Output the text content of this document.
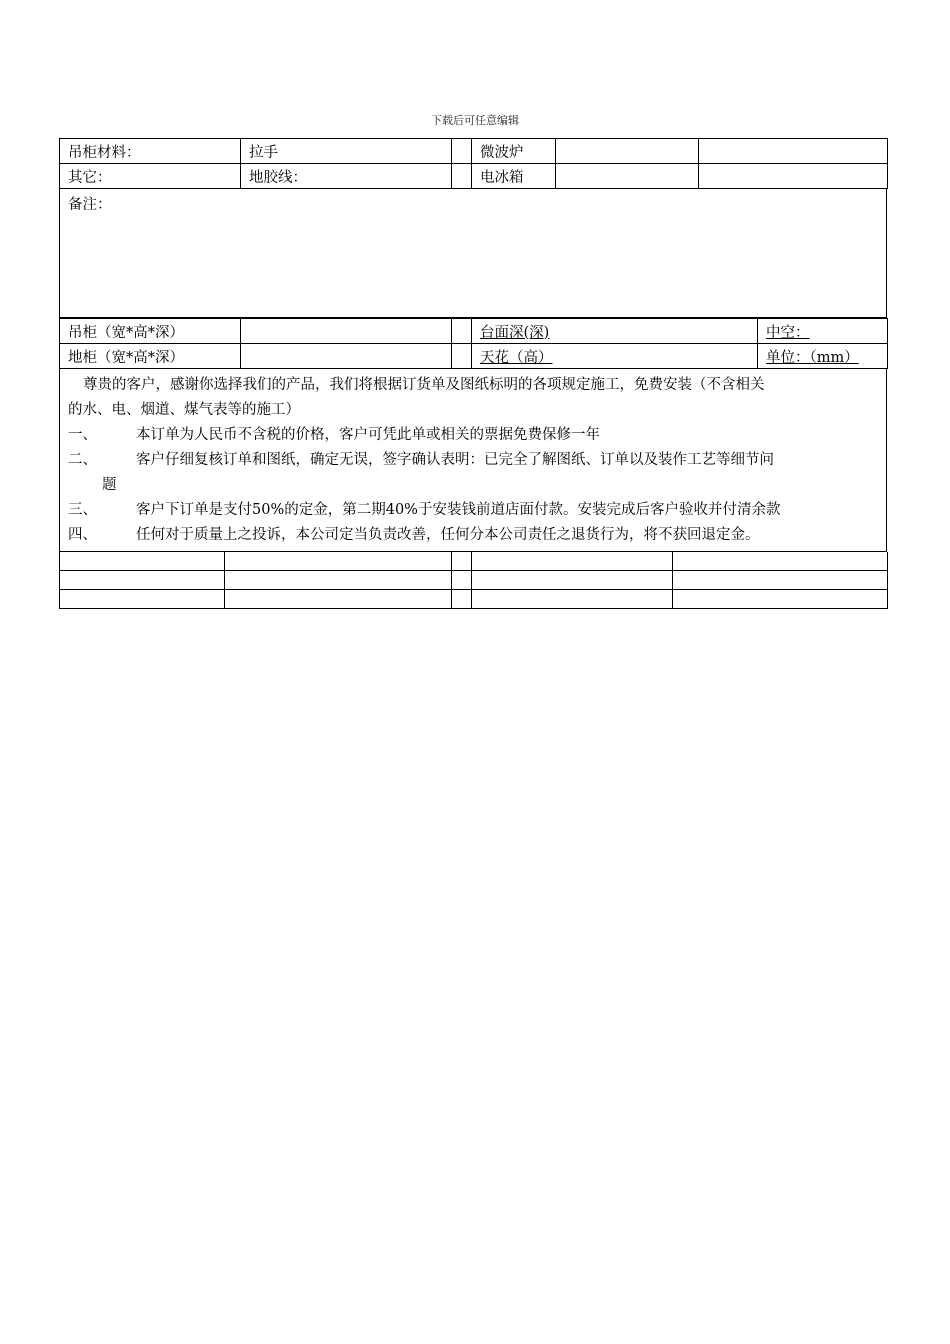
下载后可任意编辑
吊柜材料：	拉手		微波炉		
其它：	地胶线：		电冰箱		
备注：
吊柜（宽*高*深）			台面深(深)	中空：
地柜（宽*高*深）			天花（高）	单位：（mm）

尊贵的客户，感谢你选择我们的产品，我们将根据订货单及图纸标明的各项规定施工，免费安装（不含相关

的水、电、烟道、煤气表等的施工）

一、	本订单为人民币不含税的价格，客户可凭此单或相关的票据免费保修一年
二、	客户仔细复核订单和图纸，确定无误，签字确认表明：已完全了解图纸、订单以及装作工艺等细节问

题

三、	客户下订单是支付50%的定金，第二期40%于安装钱前道店面付款。安装完成后客户验收并付清余款
四、	任何对于质量上之投诉，本公司定当负责改善，任何分本公司责任之退货行为，将不获回退定金。
